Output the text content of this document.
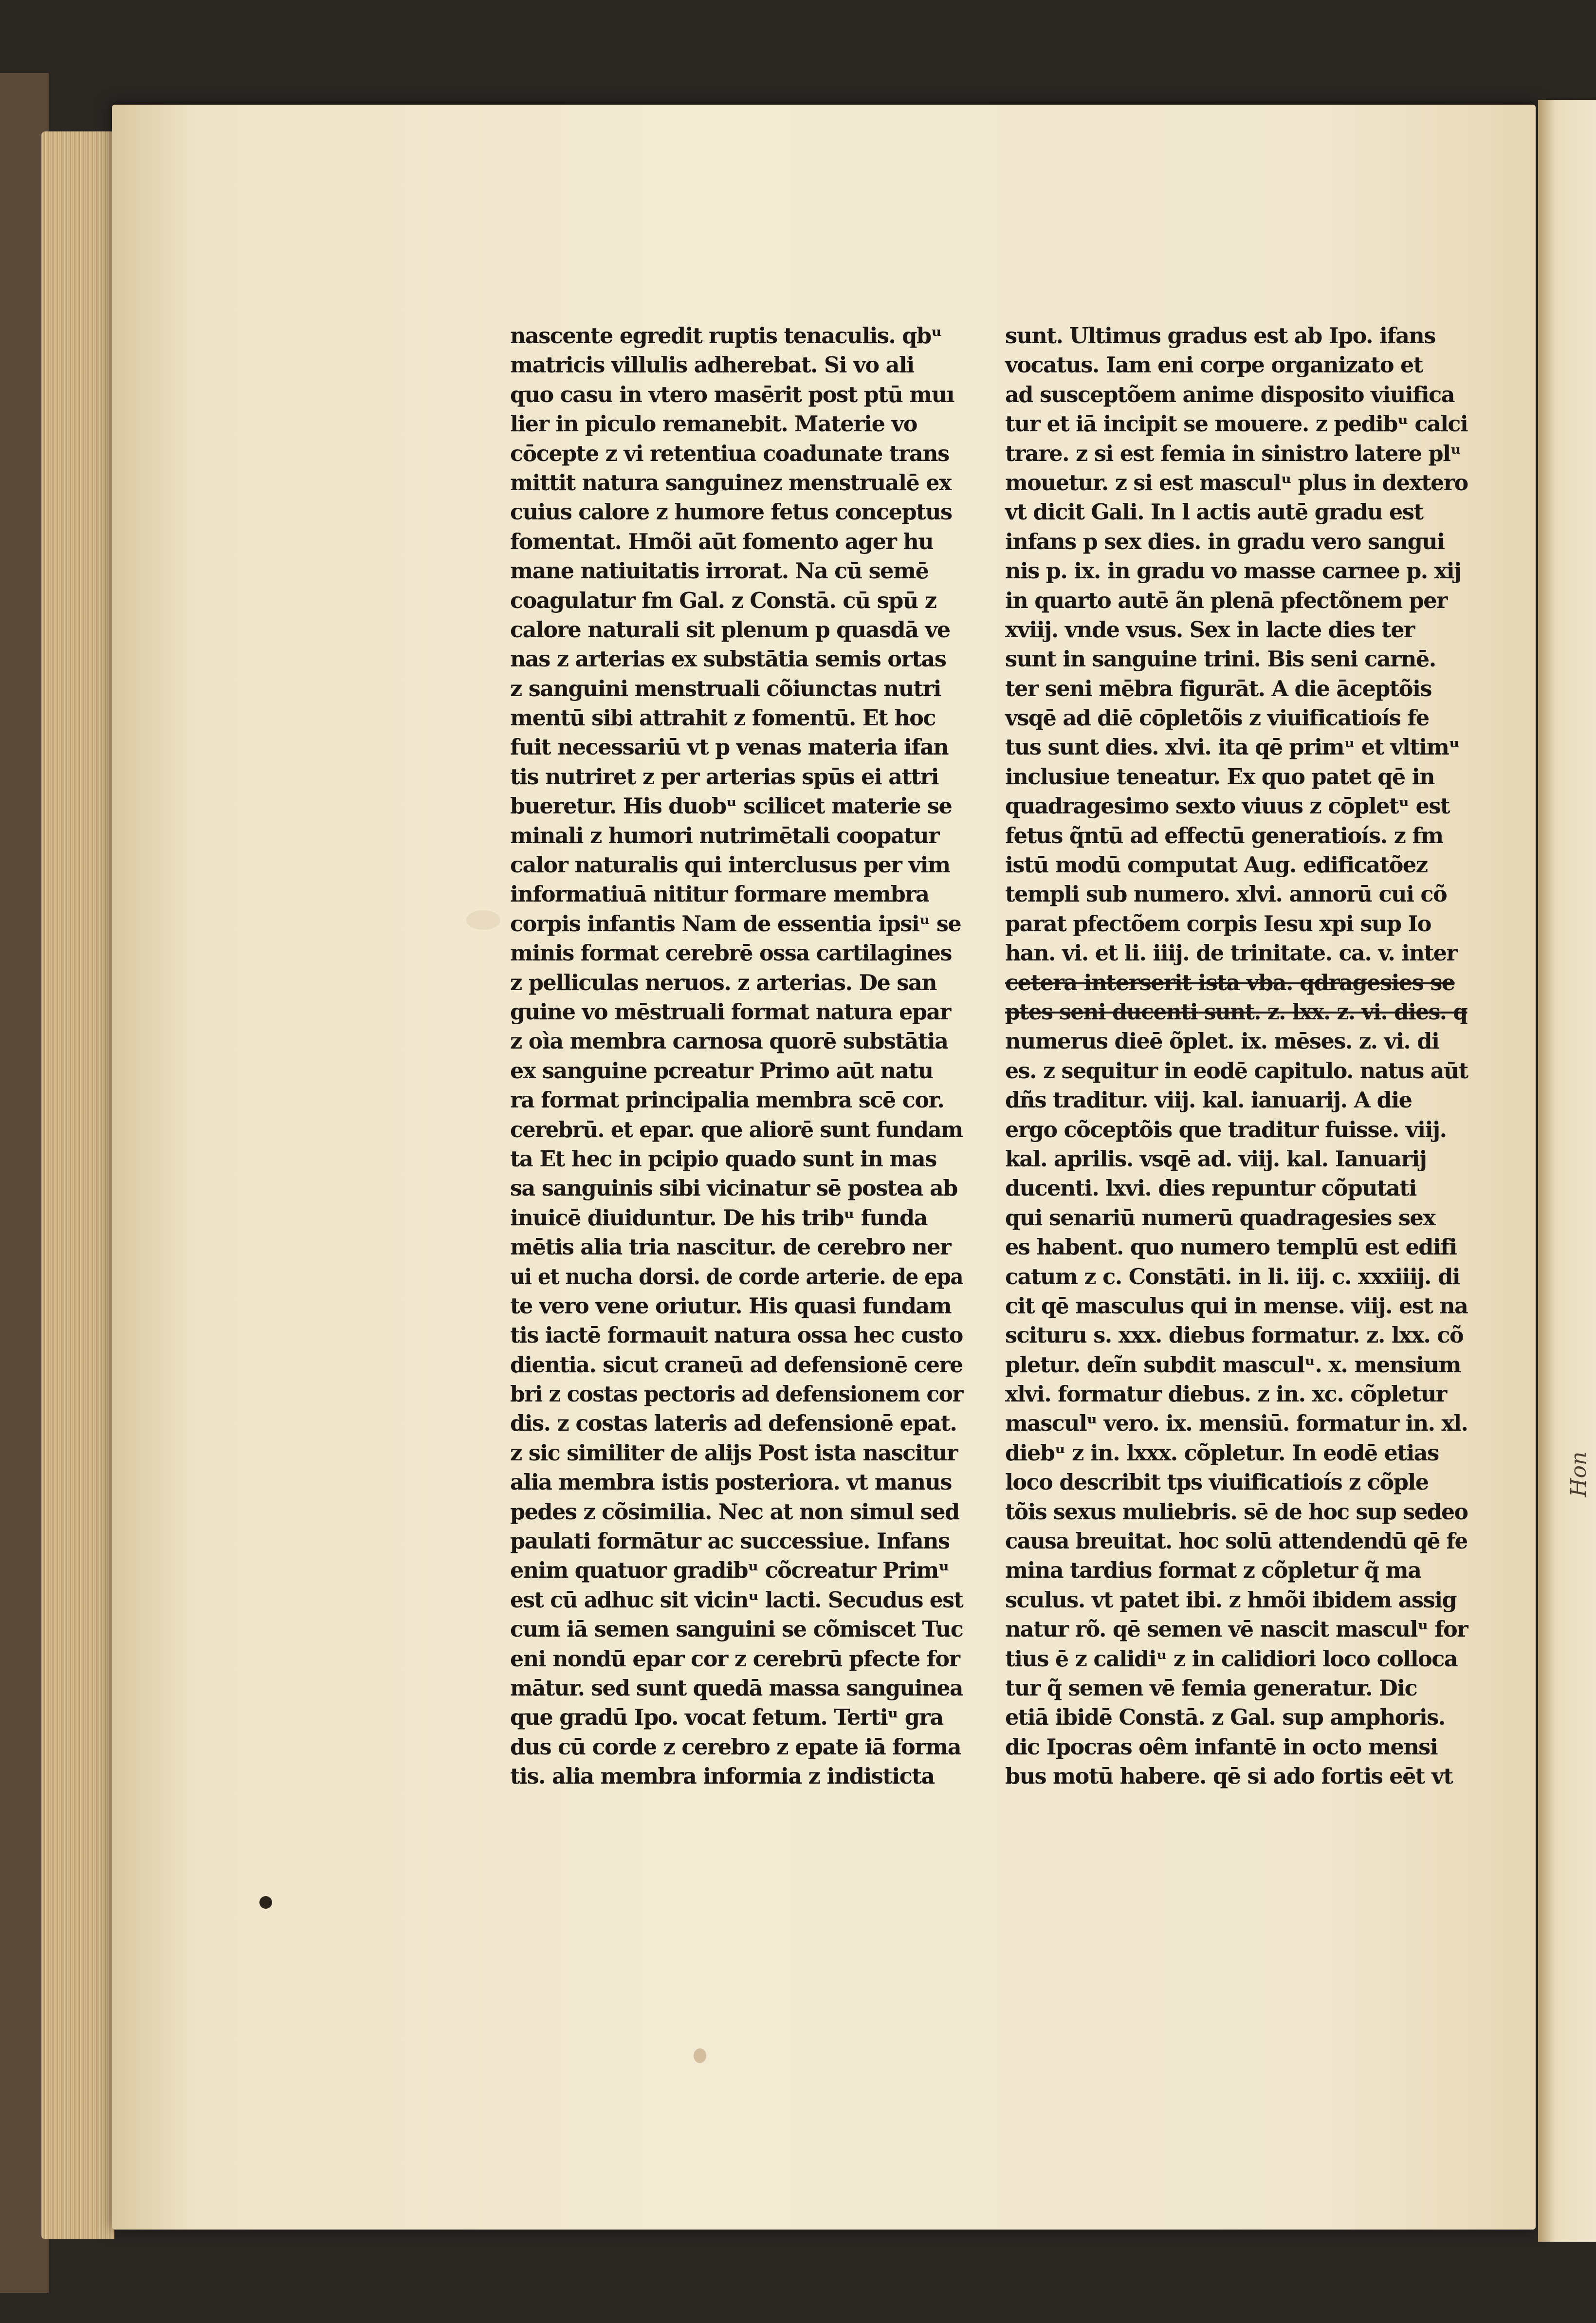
nascente egredit ruptis tenaculis. qbᵘ
matricis villulis adherebat. Si vo ali
quo casu in vtero masērit post ptū muı
lier in piculo remanebit. Materie vo
cōcepte z vi retentiua coadunate trans
mittit natura sanguinez menstrualē ex
cuius calore z humore fetus conceptus
fomentat. Hmõi aūt fomento ager hu
mane natiuitatis irrorat. Na cū semē
coagulatur fm Gal. z Constā. cū spū z
calore naturali sit plenum p quasdā ve
nas z arterias ex substātia semis ortas
z sanguini menstruali cõiunctas nutri
mentū sibi attrahit z fomentū. Et hoc
fuit necessariū vt p venas materia ifan
tis nutriret z per arterias spūs ei attri
bueretur. His duobᵘ scilicet materie se
minali z humori nutrimētali coopatur
calor naturalis qui interclusus per vim
informatiuā nititur formare membra
corpis infantis Nam de essentia ipsiᵘ se
minis format cerebrē ossa cartilagines
z pelliculas neruos. z arterias. De san
guine vo mēstruali format natura epar
z oìa membra carnosa quorē substātia
ex sanguine pcreatur Primo aūt natu
ra format principalia membra scē cor.
cerebrū. et epar. que aliorē sunt fundam
ta Et hec in pcipio quado sunt in mas
sa sanguinis sibi vicinatur sē postea ab
inuicē diuiduntur. De his tribᵘ funda
mētis alia tria nascitur. de cerebro ner
ui et nucha dorsi. de corde arterie. de epa
te vero vene oriutur. His quasi fundam
tis iactē formauit natura ossa hec custo
dientia. sicut craneū ad defensionē cere
bri z costas pectoris ad defensionem cor
dis. z costas lateris ad defensionē epat.
z sic similiter de alijs Post ista nascitur
alia membra istis posteriora. vt manus
pedes z cõsimilia. Nec at non simul sed
paulati formātur ac successiue. Infans
enim quatuor gradibᵘ cõcreatur Primᵘ
est cū adhuc sit vicinᵘ lacti. Secudus est
cum iā semen sanguini se cõmiscet Tuc
eni nondū epar cor z cerebrū pfecte for
mātur. sed sunt quedā massa sanguinea
que gradū Ipo. vocat fetum. Tertiᵘ gra
dus cū corde z cerebro z epate iā forma
tis. alia membra informia z indisticta
sunt. Ultimus gradus est ab Ipo. ifans
vocatus. Iam eni corpe organizato et
ad susceptõem anime disposito viuifica
tur et iā incipit se mouere. z pedibᵘ calci
trare. z si est femia in sinistro latere plᵘ
mouetur. z si est masculᵘ plus in dextero
vt dicit Gali. In l actis autē gradu est
infans p sex dies. in gradu vero sangui
nis p. ix. in gradu vo masse carnee p. xij
in quarto autē ãn plenā pfectõnem per
xviij. vnde vsus. Sex in lacte dies ter
sunt in sanguine trini. Bis seni carnē.
ter seni mēbra figurāt. A die āceptõis
vsqē ad diē cōpletõis z viuificatioís fe
tus sunt dies. xlvi. ita qē primᵘ et vltimᵘ
inclusiue teneatur. Ex quo patet qē in
quadragesimo sexto viuus z cōpletᵘ est
fetus q̃ntū ad effectū generatioís. z fm
istū modū computat Aug. edificatõez
templi sub numero. xlvi. annorū cui cõ
parat pfectõem corpis Iesu xpi sup Io
han. vi. et li. iiij. de trinitate. ca. v. inter
cetera interserit ista vba. qdragesies se
ptes seni ducenti sunt. z. lxx. z. vi. dies. q
numerus dieē õplet. ix. mēses. z. vi. di
es. z sequitur in eodē capitulo. natus aūt
dñs traditur. viij. kal. ianuarij. A die
ergo cõceptõis que traditur fuisse. viij.
kal. aprilis. vsqē ad. viij. kal. Ianuarij
ducenti. lxvi. dies repuntur cõputati
qui senariū numerū quadragesies sex
es habent. quo numero templū est edifi
catum z c. Constāti. in li. iij. c. xxxiiij. di
cit qē masculus qui in mense. viij. est na
scituru s. xxx. diebus formatur. z. lxx. cõ
pletur. deĩn subdit masculᵘ. x. mensium
xlvi. formatur diebus. z in. xc. cõpletur
masculᵘ vero. ix. mensiū. formatur in. xl.
diebᵘ z in. lxxx. cõpletur. In eodē etias
loco describit tps viuificatioís z cõple
tõis sexus muliebris. sē de hoc sup sedeo
causa breuitat. hoc solū attendendū qē fe
mina tardius format z cõpletur q̃ ma
sculus. vt patet ibi. z hmõi ibidem assig
natur rõ. qē semen vē nascit masculᵘ for
tius ē z calidiᵘ z in calidiori loco colloca
tur q̃ semen vē femia generatur. Dic
etiā ibidē Constā. z Gal. sup amphoris.
dic Ipocras oêm infantē in octo mensi
bus motū habere. qē si ado fortis eēt vt
Hon
